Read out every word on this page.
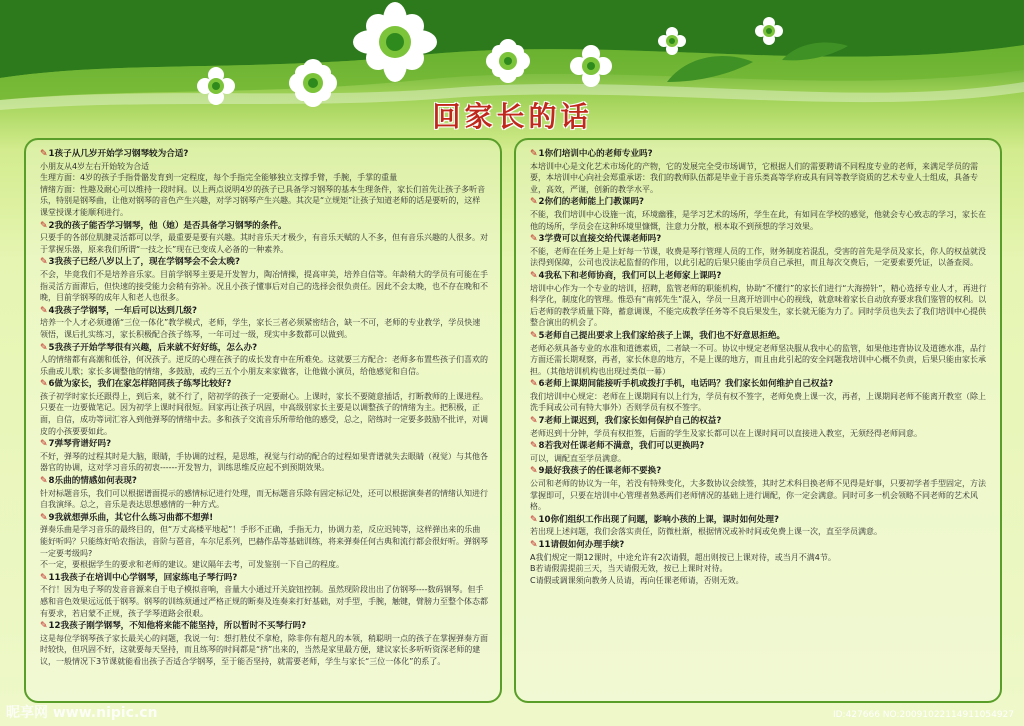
回家长的话
✎ 1孩子从几岁开始学习钢琴较为合适?
小朋友从4岁左右开始较为合适
生理方面：4岁的孩子手指骨骼发育到一定程度，每个手指完全能够独立支撑手臂，手腕，手掌的重量
情绪方面：性趣及耐心可以维持一段时间。以上两点说明4岁的孩子已具备学习钢琴的基本生理条件，家长们首先让孩子多听音乐，特别是钢琴曲，让他对钢琴的音色产生兴趣，对学习钢琴产生兴趣。其次是“立规矩”让孩子知道老师的话是要听的，这样课堂授课才能顺利进行。
✎ 2我的孩子能否学习钢琴，他（她）是否具备学习钢琴的条件。
只要手的各部位肌腱灵活都可以学，最重要是要有兴趣。其时音乐天才极少，有音乐天赋的人不多，但有音乐兴趣的人很多。对于掌握乐器，原来我们所谓“一技之长”现在已变成人必备的一种素养。
✎ 3我孩子已经八岁以上了，现在学钢琴会不会太晚?
不会，毕竟我们不是培养音乐家。目前学钢琴主要是开发智力，陶冶情操，提高审美，培养自信等。年龄稍大的学员有可能在手指灵活方面滞后，但快速的接受能力会稍有弥补。况且小孩子懂事后对自己的选择会很负责任。因此不会太晚，也不存在晚和不晚，目前学钢琴的成年人和老人也很多。
✎ 4我孩子学钢琴，一年后可以达到几级?
培养一个人才必须遵循“三位一体化”教学模式，老师，学生，家长三者必须紧密结合，缺一不可，老师的专业教学，学员快速领悟，课后扎实练习，家长积极配合孩子练琴，一年可过一级，现实中多数都可以做到。
✎ 5我孩子开始学琴很有兴趣，后来就不好好练，怎么办?
人的情绪都有高潮和低谷，何况孩子。逆反的心理在孩子的成长发育中在所难免。这就要三方配合：老师多布置些孩子们喜欢的乐曲或儿歌；家长多调整他的情绪，多鼓励，或约三五个小朋友来家做客，让他做小演员，给他感觉和自信。
✎ 6做为家长，我们在家怎样陪同孩子练琴比较好?
孩子初学时家长还跟得上，到后来，就不行了，陪初学的孩子一定要耐心。上课时，家长不要随意插话，打断教师的上课进程。只要在一边要做笔记。因为初学上课时间很短。回家再让孩子巩固，中高级别家长主要是以调整孩子的情绪为主。把积极，正面，自信，成功等词汇容入到他弹琴的情绪中去。多和孩子交流音乐所带给他的感受，总之，陪练时一定要多鼓励不批评，对调皮的小孩要要如此。
✎ 7弹琴背谱好吗?
不好，弹琴的过程其时是大脑，眼睛，手协调的过程，是思维，视觉与行动的配合的过程如果背谱就失去眼睛（视觉）与其他各器官的协调，这对学习音乐的初衷------开发智力，训练思维反应起不到预期效果。
✎ 8乐曲的情感如何表现?
针对标题音乐，我们可以根据谱面提示的感情标记进行处理，而无标题音乐除有固定标记处，还可以根据演奏者的情绪认知进行自我演绎。总之，音乐是表达思想感情的一种方式。
✎ 9我就想弹乐曲，其它什么练习曲都不想弹!
弹奏乐曲是学习音乐的最终目的，但“万丈高楼平地起”！手形不正确，手指无力，协调力差，反应迟钝等，这样弹出来的乐曲能好听吗？只能练好哈农指法，音阶与琶音，车尔尼系列，巴赫作品等基础训练，将来弹奏任何古典和流行都会很好听。弹钢琴一定要考级吗?
不一定，要根据学生的要求和老师的建议。建议隔年去考，可发鉴别一下自己的程度。
✎ 11我孩子在培训中心学钢琴，回家练电子琴行吗?
不行！因为电子琴的发音音源来自于电子模拟音响，音量大小通过开关旋钮控制。虽然现阶段出出了仿钢琴----数码钢琴。但手感和音色效果远远低于钢琴。钢琴的训练须通过严格正规的断奏及连奏来打好基础，对手型，手腕，触键，臂膀力至整个体态都有要求，若启蒙不正规，孩子学琴道路会很艰。
✎ 12我孩子刚学钢琴，不知他将来能不能坚持，所以暂时不买琴行吗?
这是每位学钢琴孩子家长最关心的问题，我说一句：想打胜仗不拿枪，除非你有超凡的本领，稍聪明一点的孩子在掌握弹奏方面时较快，但巩固不好，这就要每天坚持，而且练琴的时间都是“挤”出来的，当然是家里最方便，建议家长多听听资深老师的建议，一般情况下3节课就能看出孩子否适合学钢琴，至于能否坚持，就需要老师，学生与家长“三位一体化”的系了。
✎ 1你们培训中心的老师专业吗?
本培训中心是文化艺术市场化的产物，它的发展完全受市场调节，它根据人们的需要聘请不同程度专业的老师，来满足学员的需要，本培训中心向社会郑重承诺：我们的教师队伍都是毕业于音乐类高等学府或具有同等教学资质的艺术专业人士组成，具备专业，高效，严谨，创新的教学水平。
✎ 2你们的老师能上门教课吗?
不能，我们培训中心设施一流，环境幽雅，是学习艺术的场所，学生在此，有如同在学校的感觉，他就会专心致志的学习，家长在他的场所，学员会在这种环境里慷慨，注意力分散，根本取不到预想的学习效果。
✎ 3学费可以直接交给代课老师吗?
不能，老师在任务上是上好每一节课，收费是琴行管理人员的工作，财务制度若混乱，受害的首先是学员及家长，你人的权益就没法得到保障，公司也没法起监督的作用，以此引起的后果只能由学员自己承担，而且每次交费后，一定要索要凭证，以备查阅。
✎ 4我私下和老师协商，我们可以上老师家上课吗?
培训中心作为一个专业的培训，招聘，监管老师的职能机构，协助“不懂行”的家长们进行“大海捞针”，精心选择专业人才，再进行科学化，制度化的管理。惟恐有“南郭先生”混入，学员一旦离开培训中心的视线，就意味着家长自动放弃要求我们鉴管的权利。以后老师的教学质量下降，蓄意调课，不能完成教学任务等不良后果发生，家长就无能为力了。同时学员也失去了我们培训中心提供整合演出的机会了。
✎ 5老师自己提出要求上我们家给孩子上课，我们也不好意思拒绝。
老师必须具备专业的水准和道德素质，二者缺一不可。协议中规定老师坚决服从我中心的监管，如果他违背协议及道德水准，品行方面还需长期观察，再者，家长休息的地方，不是上课的地方，而且由此引起的安全问题我培训中心概不负责，后果只能由家长承担。（其他培训机构也出现过类似一幕）
✎ 6老师上课期间能接听手机或拨打手机，电话吗？我们家长如何维护自己权益?
我们培训中心规定：老师在上课期间有以上行为，学员有权不签字，老师免费上课一次，再者，上课期间老师不能离开教室（除上洗手间或公司有特大事外）否则学员有权不签字。
✎ 7老师上课迟到，我们家长如何保护自己的权益?
老师迟到十分钟，学员有权拒签，后面的学生及家长都可以在上课时间可以直接进入教室，无须经得老师同意。
✎ 8若我对任课老师不满意，我们可以更换吗?
可以，调配直至学员满意。
✎ 9最好我孩子的任课老师不要换?
公司和老师的协议为一年，若没有特殊变化，大多数协议会续签，其时艺术科目换老师不见得是好事，只要初学者手型固定，方法掌握即可，只要在培训中心管理者熟悉两们老师情况的基础上进行调配，你一定会满意。同时可多一机会领略不同老师的艺术风格。
✎ 10你们组织工作出现了问题，影响小孩的上课，课时如何处理?
若出现上述问题，我们会落实责任，防微杜渐，根据情况或补时间或免费上课一次，直至学员满意。
✎ 11请假如何办理手续?
A我们规定一期12课时，中途允许有2次请假，超出则按已上课对待，或当月不满4节。
B若请假需提前三天，当天请假无效，按已上课时对待。
C请假或调课须向教务人员请，再向任课老师请，否则无效。
昵享网 www.nipic.cn	ID:427666 NO:20091022114911054927
